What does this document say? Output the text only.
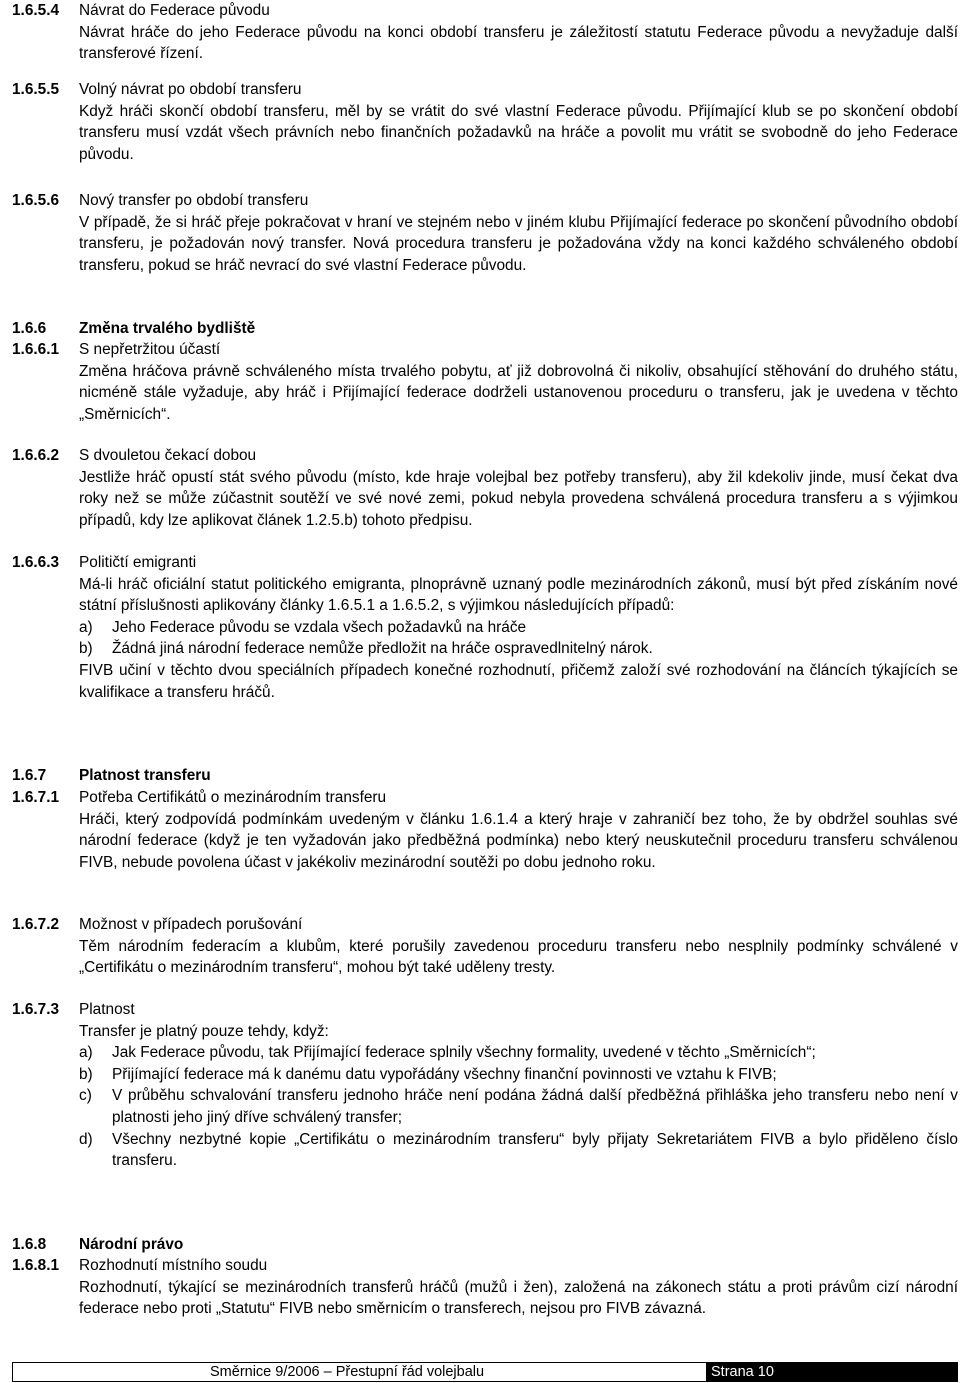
1.6.5.4 Návrat do Federace původu
Návrat hráče do jeho Federace původu na konci období transferu je záležitostí statutu Federace původu a nevyžaduje další transferové řízení.
1.6.5.5 Volný návrat po období transferu
Když hráči skončí období transferu, měl by se vrátit do své vlastní Federace původu. Přijímající klub se po skončení období transferu musí vzdát všech právních nebo finančních požadavků na hráče a povolit mu vrátit se svobodně do jeho Federace původu.
1.6.5.6 Nový transfer po období transferu
V případě, že si hráč přeje pokračovat v hraní ve stejném nebo v jiném klubu Přijímající federace po skončení původního období transferu, je požadován nový transfer. Nová procedura transferu je požadována vždy na konci každého schváleného období transferu, pokud se hráč nevrací do své vlastní Federace původu.
1.6.6 Změna trvalého bydliště
1.6.6.1 S nepřetržitou účastí
Změna hráčova právně schváleného místa trvalého pobytu, ať již dobrovolná či nikoliv, obsahující stěhování do druhého státu, nicméně stále vyžaduje, aby hráč i Přijímající federace dodrželi ustanovenou proceduru o transferu, jak je uvedena v těchto „Směrnicích“.
1.6.6.2 S dvouletou čekací dobou
Jestliže hráč opustí stát svého původu (místo, kde hraje volejbal bez potřeby transferu), aby žil kdekoliv jinde, musí čekat dva roky než se může zúčastnit soutěží ve své nové zemi, pokud nebyla provedena schválená procedura transferu a s výjimkou případů, kdy lze aplikovat článek 1.2.5.b) tohoto předpisu.
1.6.6.3 Političtí emigranti
Má-li hráč oficiální statut politického emigranta, plnoprávně uznaný podle mezinárodních zákonů, musí být před získáním nové státní příslušnosti aplikovány články 1.6.5.1 a 1.6.5.2, s výjimkou následujících případů:
a)	Jeho Federace původu se vzdala všech požadavků na hráče
b)	Žádná jiná národní federace nemůže předložit na hráče ospravedlnitelný nárok.
FIVB učiní v těchto dvou speciálních případech konečné rozhodnutí, přičemž založí své rozhodování na článcích týkajících se kvalifikace a transferu hráčů.
1.6.7 Platnost transferu
1.6.7.1 Potřeba Certifikátů o mezinárodním transferu
Hráči, který zodpovídá podmínkám uvedeným v článku 1.6.1.4 a který hraje v zahraničí bez toho, že by obdržel souhlas své národní federace (když je ten vyžadován jako předběžná podmínka) nebo který neuskutečnil proceduru transferu schválenou FIVB, nebude povolena účast v jakékoliv mezinárodní soutěži po dobu jednoho roku.
1.6.7.2 Možnost v případech porušování
Těm národním federacím a klubům, které porušily zavedenou proceduru transferu nebo nesplnily podmínky schválené v „Certifikátu o mezinárodním transferu“, mohou být také uděleny tresty.
1.6.7.3 Platnost
Transfer je platný pouze tehdy, když:
a)	Jak Federace původu, tak Přijímající federace splnily všechny formality, uvedené v těchto „Směrnicích“;
b)	Přijímající federace má k danému datu vypořádány všechny finanční povinnosti ve vztahu k FIVB;
c)	V průběhu schvalování transferu jednoho hráče není podána žádná další předběžná přihláška jeho transferu nebo není v platnosti jeho jiný dříve schválený transfer;
d)	Všechny nezbytné kopie „Certifikátu o mezinárodním transferu“ byly přijaty Sekretariátem FIVB a bylo přiděleno číslo transferu.
1.6.8 Národní právo
1.6.8.1 Rozhodnutí místního soudu
Rozhodnutí, týkající se mezinárodních transferů hráčů (mužů i žen), založená na zákonech státu a proti právům cizí národní federace nebo proti „Statutu“ FIVB nebo směrnicím o transferech, nejsou pro FIVB závazná.
Směrnice 9/2006 – Přestupní řád volejbalu	Strana 10
